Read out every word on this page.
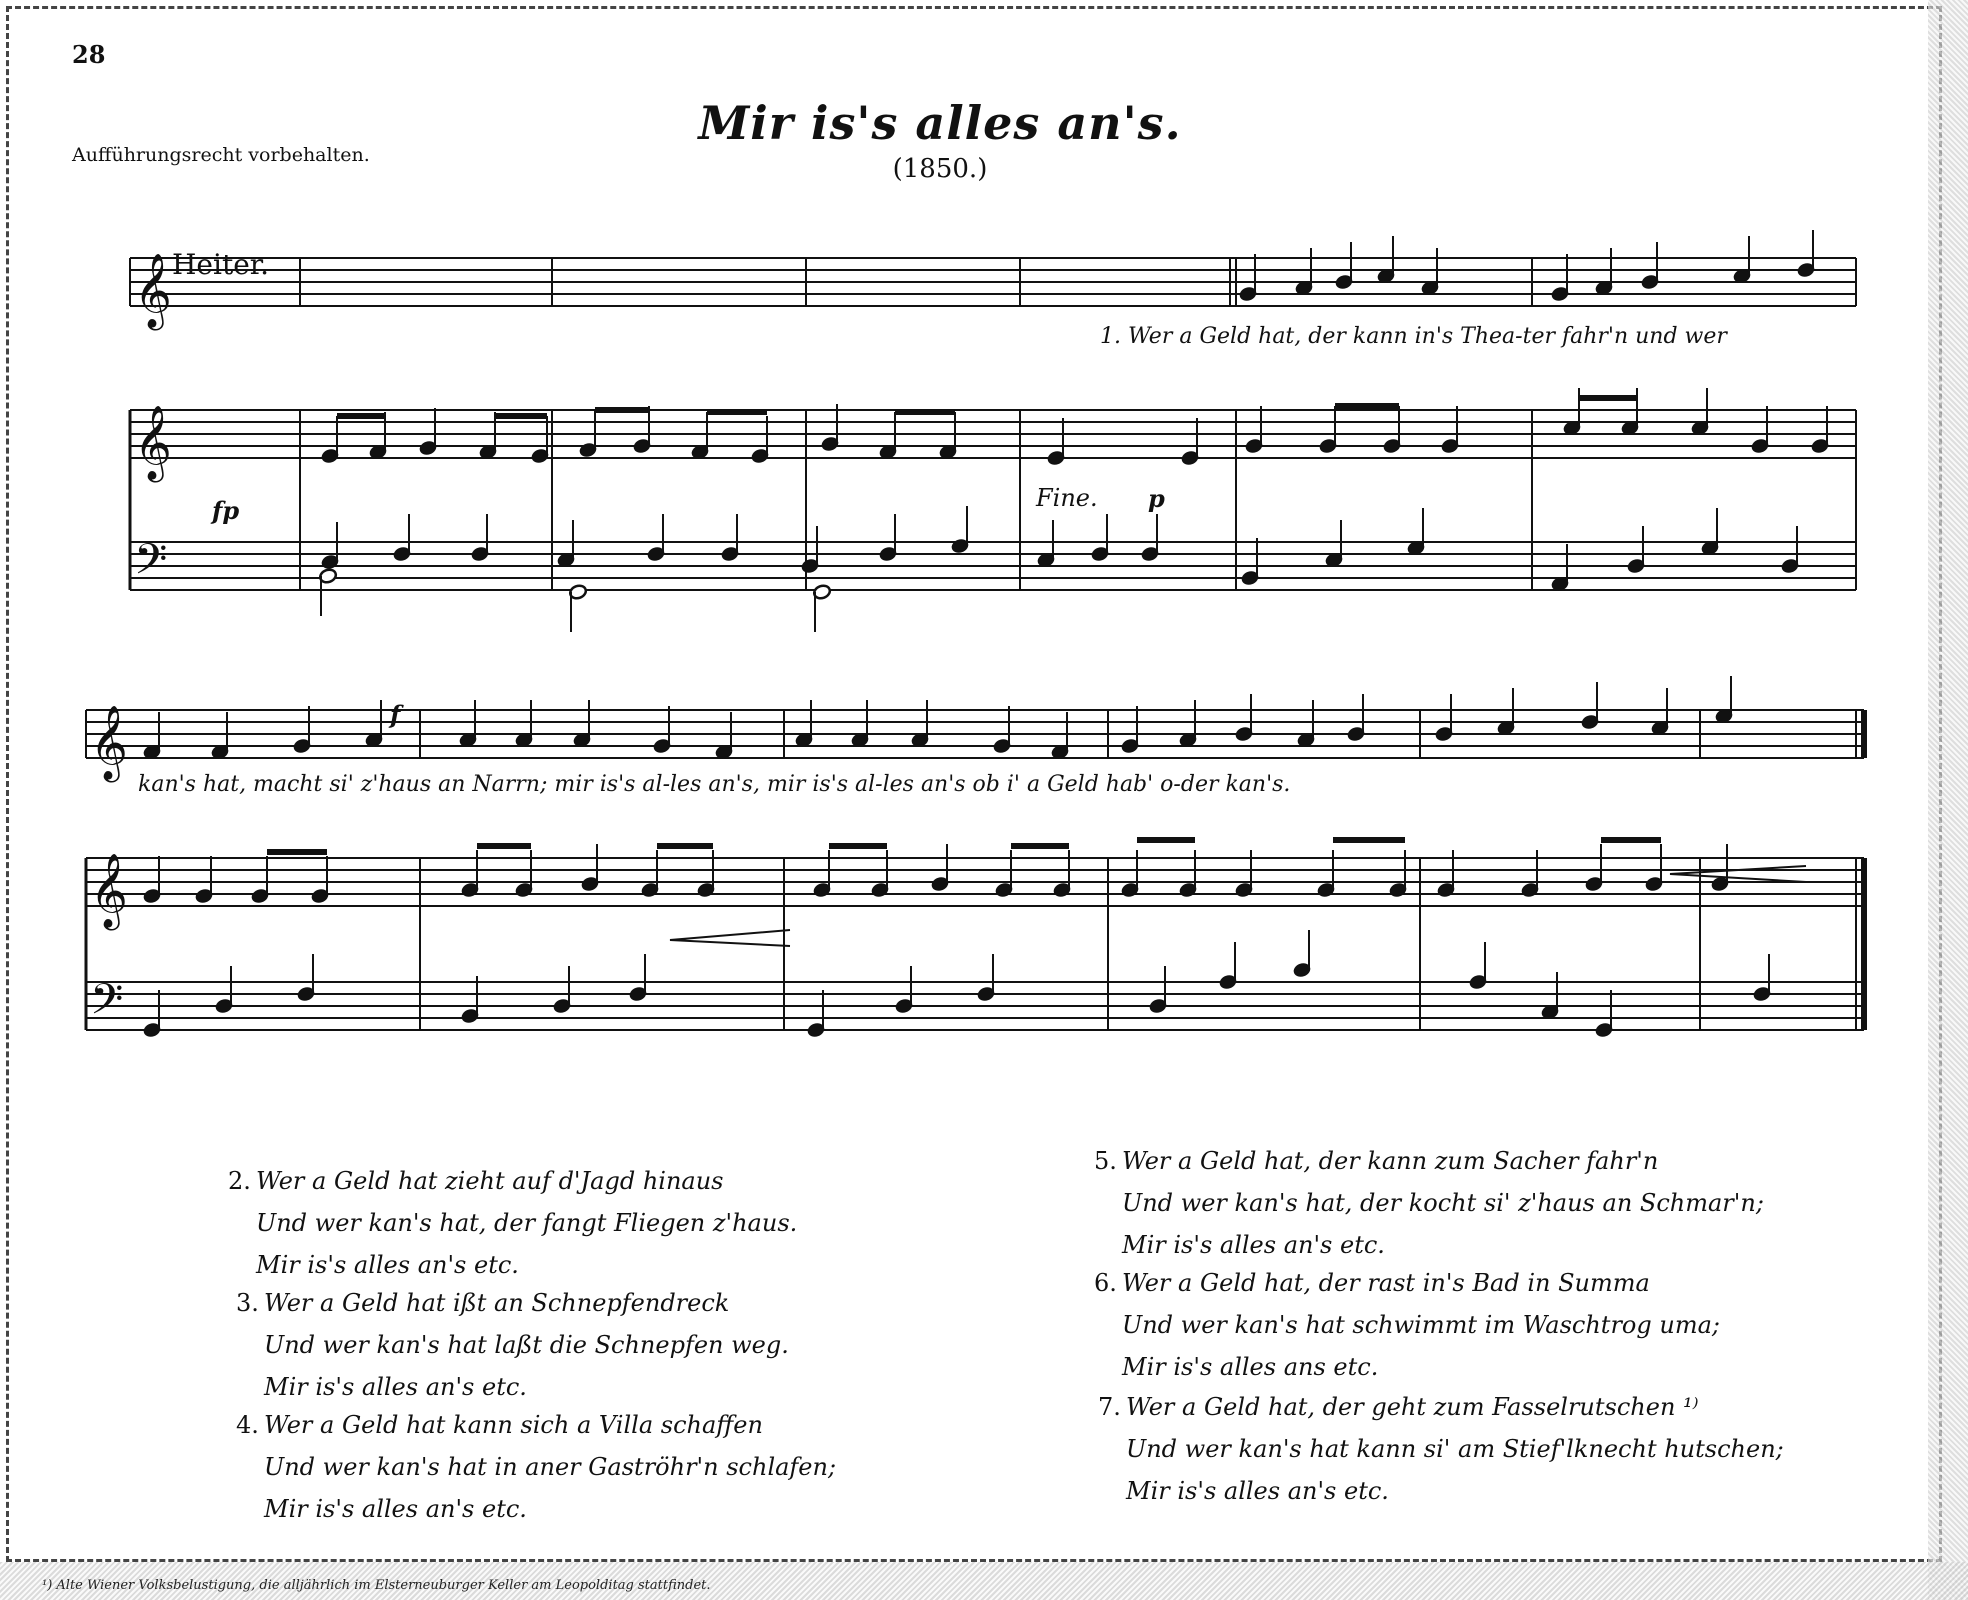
28
Aufführungsrecht vorbehalten.
Mir is's alles an's.
(1850.)
Heiter.
𝄞
𝄞
𝄢
𝄞
𝄞
𝄢
fp	Fine. p
f
1. Wer a Geld hat, der kann in's Thea-ter fahr'n und wer
kan's hat, macht si' z'haus an Narrn; mir is's al-les an's, mir is's al-les an's ob i' a Geld hab' o-der kan's.
2. Wer a Geld hat zieht auf d'Jagd hinaus
Und wer kan's hat, der fangt Fliegen z'haus.
Mir is's alles an's etc.
3. Wer a Geld hat ißt an Schnepfendreck
Und wer kan's hat laßt die Schnepfen weg.
Mir is's alles an's etc.
4. Wer a Geld hat kann sich a Villa schaffen
Und wer kan's hat in aner Gaströhr'n schlafen;
Mir is's alles an's etc.
5. Wer a Geld hat, der kann zum Sacher fahr'n
Und wer kan's hat, der kocht si' z'haus an Schmar'n;
Mir is's alles an's etc.
6. Wer a Geld hat, der rast in's Bad in Summa
Und wer kan's hat schwimmt im Waschtrog uma;
Mir is's alles ans etc.
7. Wer a Geld hat, der geht zum Fasselrutschen ¹⁾
Und wer kan's hat kann si' am Stief'lknecht hutschen;
Mir is's alles an's etc.
¹) Alte Wiener Volksbelustigung, die alljährlich im Elsterneuburger Keller am Leopolditag stattfindet.
